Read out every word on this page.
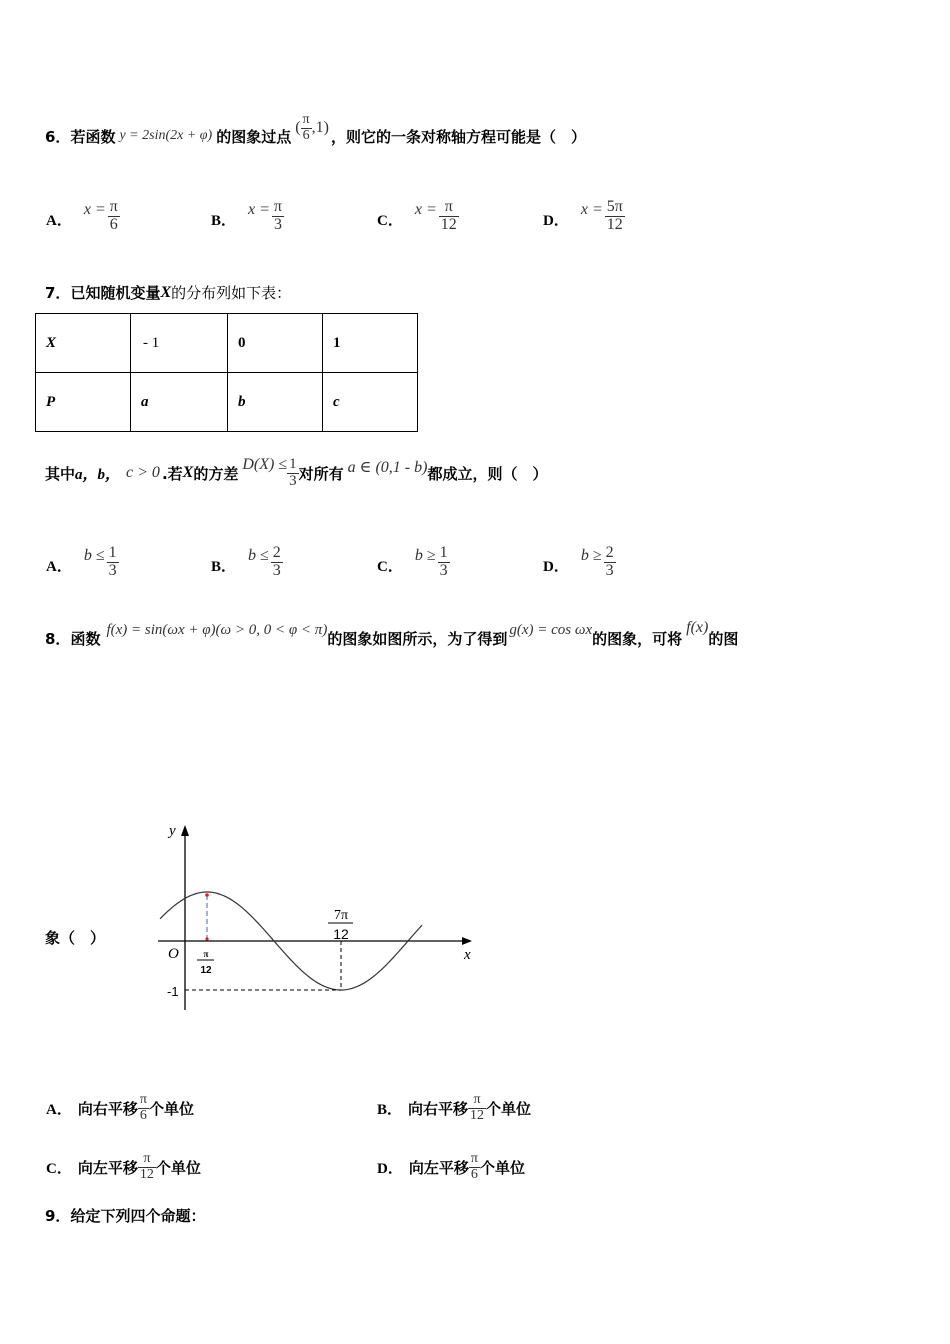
6． 若函数 y = 2sin(2x + φ) 的图象过点
( $\frac{\pi}{6} ,1$)
，则它的一条对称轴方程可能是（　）
A．
$x = \frac{\pi}{6}$	B．
$x = \frac{\pi}{3}$	C．
$x = \frac{\pi}{12}$	D．
$x = \frac{5\pi}{12}$
7． 已知随机变量 X 的分布列如下表：
X	- 1	0	1
P	a	b	c
其中 a，b， c > 0 .若 X 的方差 $D(X) \le \frac{1}{3}$ 对所有 a ∈ (0,1 - b) 都成立，则（　）
A．
$b \le \frac{1}{3}$	B．
$b \le \frac{2}{3}$	C．
$b \ge \frac{1}{3}$	D．
$b \ge \frac{2}{3}$
8． 函数 f(x) = sin(ωx + φ)(ω > 0, 0 < φ < π) 的图象如图所示，为了得到 g(x) = cos ωx 的图象，可将
f(x)
的图
象（　）
y
x
O
-1
π
12
7π
12
A． 向右平移 $\frac{\pi}{6}$ 个单位	B． 向右平移 $\frac{\pi}{12}$ 个单位
C． 向左平移 $\frac{\pi}{12}$ 个单位	D． 向左平移 $\frac{\pi}{6}$ 个单位
9． 给定下列四个命题：
